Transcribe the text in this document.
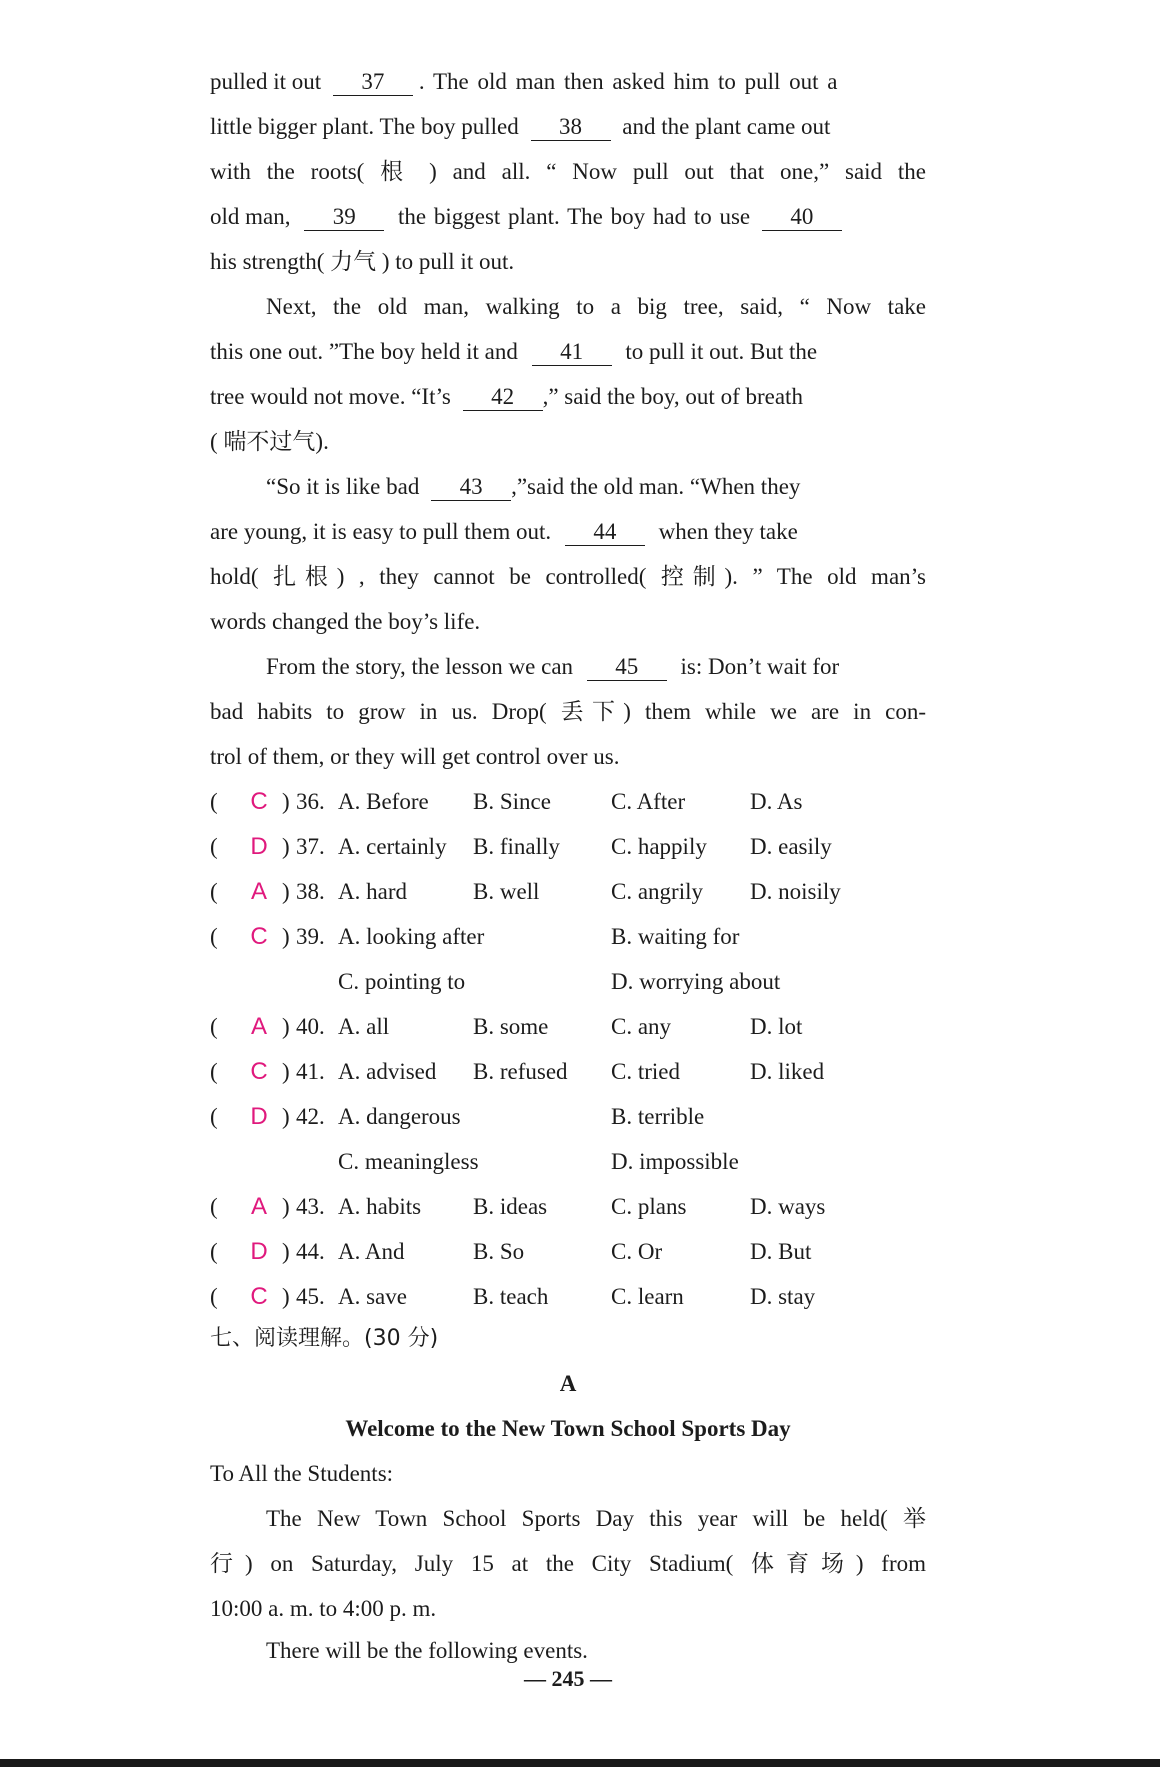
pulled it out 37 . The old man then asked him to pull out a
little bigger plant. The boy pulled 38 and the plant came out
with the roots( 根 ) and all. “ Now pull out that one,” said the
old man, 39 the biggest plant. The boy had to use 40
his strength( 力气 ) to pull it out.
Next, the old man, walking to a big tree, said, “ Now take
this one out. ”The boy held it and 41 to pull it out. But the
tree would not move. “It’s 42 ,” said the boy, out of breath
( 喘不过气).
“So it is like bad 43 ,”said the old man. “When they
are young, it is easy to pull them out. 44 when they take
hold( 扎根) , they cannot be controlled( 控制). ” The old man’s
words changed the boy’s life.
From the story, the lesson we can 45 is: Don’t wait for
bad habits to grow in us. Drop( 丢下) them while we are in con-
trol of them, or they will get control over us.
( C ) 36. A. Before B. Since	C. After	D. As
( D ) 37. A. certainly B. finally C. happily D. easily
( A ) 38. A. hard	B. well	C. angrily D. noisily
( C ) 39. A. looking after	B. waiting for
C. pointing to	D. worrying about
( A ) 40. A. all	B. some	C. any	D. lot
( C ) 41. A. advised B. refused C. tried	D. liked
( D ) 42. A. dangerous	B. terrible
C. meaningless	D. impossible
( A ) 43. A. habits B. ideas	C. plans	D. ways
( D ) 44. A. And	B. So	C. Or	D. But
( C ) 45. A. save	B. teach	C. learn	D. stay
七、阅读理解。(30 分)
A
Welcome to the New Town School Sports Day
To All the Students:
The New Town School Sports Day this year will be held( 举
行) on Saturday, July 15 at the City Stadium( 体育场) from
10:00 a. m. to 4:00 p. m.
There will be the following events.
— 245 —
